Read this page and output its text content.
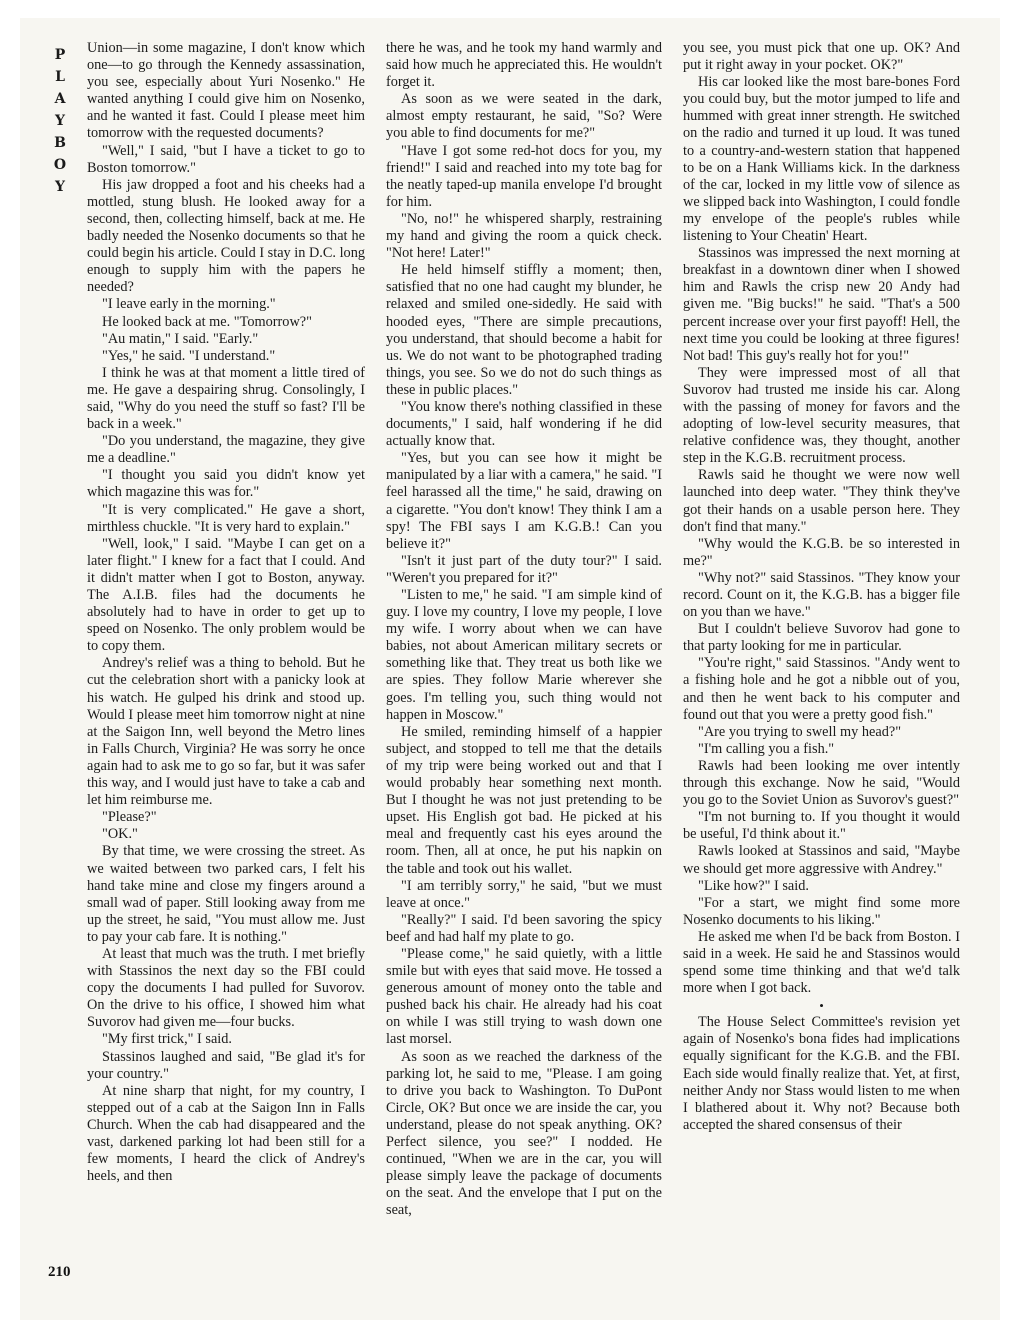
P
L
A
Y
B
O
Y

Union—in some magazine, I don't know which one—to go through the Kennedy assassination, you see, especially about Yuri Nosenko." He wanted anything I could give him on Nosenko, and he wanted it fast. Could I please meet him tomorrow with the requested documents?

"Well," I said, "but I have a ticket to go to Boston tomorrow."

His jaw dropped a foot and his cheeks had a mottled, stung blush. He looked away for a second, then, collecting himself, back at me. He badly needed the Nosenko documents so that he could begin his article. Could I stay in D.C. long enough to supply him with the papers he needed?

"I leave early in the morning."

He looked back at me. "Tomorrow?"

"Au matin," I said. "Early."

"Yes," he said. "I understand."

I think he was at that moment a little tired of me. He gave a despairing shrug. Consolingly, I said, "Why do you need the stuff so fast? I'll be back in a week."

"Do you understand, the magazine, they give me a deadline."

"I thought you said you didn't know yet which magazine this was for."

"It is very complicated." He gave a short, mirthless chuckle. "It is very hard to explain."

"Well, look," I said. "Maybe I can get on a later flight." I knew for a fact that I could. And it didn't matter when I got to Boston, anyway. The A.I.B. files had the documents he absolutely had to have in order to get up to speed on Nosenko. The only problem would be to copy them.

Andrey's relief was a thing to behold. But he cut the celebration short with a panicky look at his watch. He gulped his drink and stood up. Would I please meet him tomorrow night at nine at the Saigon Inn, well beyond the Metro lines in Falls Church, Virginia? He was sorry he once again had to ask me to go so far, but it was safer this way, and I would just have to take a cab and let him reimburse me.

"Please?"

"OK."

By that time, we were crossing the street. As we waited between two parked cars, I felt his hand take mine and close my fingers around a small wad of paper. Still looking away from me up the street, he said, "You must allow me. Just to pay your cab fare. It is nothing."

At least that much was the truth. I met briefly with Stassinos the next day so the FBI could copy the documents I had pulled for Suvorov. On the drive to his office, I showed him what Suvorov had given me—four bucks.

"My first trick," I said.

Stassinos laughed and said, "Be glad it's for your country."

At nine sharp that night, for my country, I stepped out of a cab at the Saigon Inn in Falls Church. When the cab had disappeared and the vast, darkened parking lot had been still for a few moments, I heard the click of Andrey's heels, and then

there he was, and he took my hand warmly and said how much he appreciated this. He wouldn't forget it.

As soon as we were seated in the dark, almost empty restaurant, he said, "So? Were you able to find documents for me?"

"Have I got some red-hot docs for you, my friend!" I said and reached into my tote bag for the neatly taped-up manila envelope I'd brought for him.

"No, no!" he whispered sharply, restraining my hand and giving the room a quick check. "Not here! Later!"

He held himself stiffly a moment; then, satisfied that no one had caught my blunder, he relaxed and smiled one-sidedly. He said with hooded eyes, "There are simple precautions, you understand, that should become a habit for us. We do not want to be photographed trading things, you see. So we do not do such things as these in public places."

"You know there's nothing classified in these documents," I said, half wondering if he did actually know that.

"Yes, but you can see how it might be manipulated by a liar with a camera," he said. "I feel harassed all the time," he said, drawing on a cigarette. "You don't know! They think I am a spy! The FBI says I am K.G.B.! Can you believe it?"

"Isn't it just part of the duty tour?" I said. "Weren't you prepared for it?"

"Listen to me," he said. "I am simple kind of guy. I love my country, I love my people, I love my wife. I worry about when we can have babies, not about American military secrets or something like that. They treat us both like we are spies. They follow Marie wherever she goes. I'm telling you, such thing would not happen in Moscow."

He smiled, reminding himself of a happier subject, and stopped to tell me that the details of my trip were being worked out and that I would probably hear something next month. But I thought he was not just pretending to be upset. His English got bad. He picked at his meal and frequently cast his eyes around the room. Then, all at once, he put his napkin on the table and took out his wallet.

"I am terribly sorry," he said, "but we must leave at once."

"Really?" I said. I'd been savoring the spicy beef and had half my plate to go.

"Please come," he said quietly, with a little smile but with eyes that said move. He tossed a generous amount of money onto the table and pushed back his chair. He already had his coat on while I was still trying to wash down one last morsel.

As soon as we reached the darkness of the parking lot, he said to me, "Please. I am going to drive you back to Washington. To DuPont Circle, OK? But once we are inside the car, you understand, please do not speak anything. OK? Perfect silence, you see?" I nodded. He continued, "When we are in the car, you will please simply leave the package of documents on the seat. And the envelope that I put on the seat,

you see, you must pick that one up. OK? And put it right away in your pocket. OK?"

His car looked like the most bare-bones Ford you could buy, but the motor jumped to life and hummed with great inner strength. He switched on the radio and turned it up loud. It was tuned to a country-and-western station that happened to be on a Hank Williams kick. In the darkness of the car, locked in my little vow of silence as we slipped back into Washington, I could fondle my envelope of the people's rubles while listening to Your Cheatin' Heart.

Stassinos was impressed the next morning at breakfast in a downtown diner when I showed him and Rawls the crisp new 20 Andy had given me. "Big bucks!" he said. "That's a 500 percent increase over your first payoff! Hell, the next time you could be looking at three figures! Not bad! This guy's really hot for you!"

They were impressed most of all that Suvorov had trusted me inside his car. Along with the passing of money for favors and the adopting of low-level security measures, that relative confidence was, they thought, another step in the K.G.B. recruitment process.

Rawls said he thought we were now well launched into deep water. "They think they've got their hands on a usable person here. They don't find that many."

"Why would the K.G.B. be so interested in me?"

"Why not?" said Stassinos. "They know your record. Count on it, the K.G.B. has a bigger file on you than we have."

But I couldn't believe Suvorov had gone to that party looking for me in particular.

"You're right," said Stassinos. "Andy went to a fishing hole and he got a nibble out of you, and then he went back to his computer and found out that you were a pretty good fish."

"Are you trying to swell my head?"

"I'm calling you a fish."

Rawls had been looking me over intently through this exchange. Now he said, "Would you go to the Soviet Union as Suvorov's guest?"

"I'm not burning to. If you thought it would be useful, I'd think about it."

Rawls looked at Stassinos and said, "Maybe we should get more aggressive with Andrey."

"Like how?" I said.

"For a start, we might find some more Nosenko documents to his liking."

He asked me when I'd be back from Boston. I said in a week. He said he and Stassinos would spend some time thinking and that we'd talk more when I got back.

•

The House Select Committee's revision yet again of Nosenko's bona fides had implications equally significant for the K.G.B. and the FBI. Each side would finally realize that. Yet, at first, neither Andy nor Stass would listen to me when I blathered about it. Why not? Because both accepted the shared consensus of their

210
